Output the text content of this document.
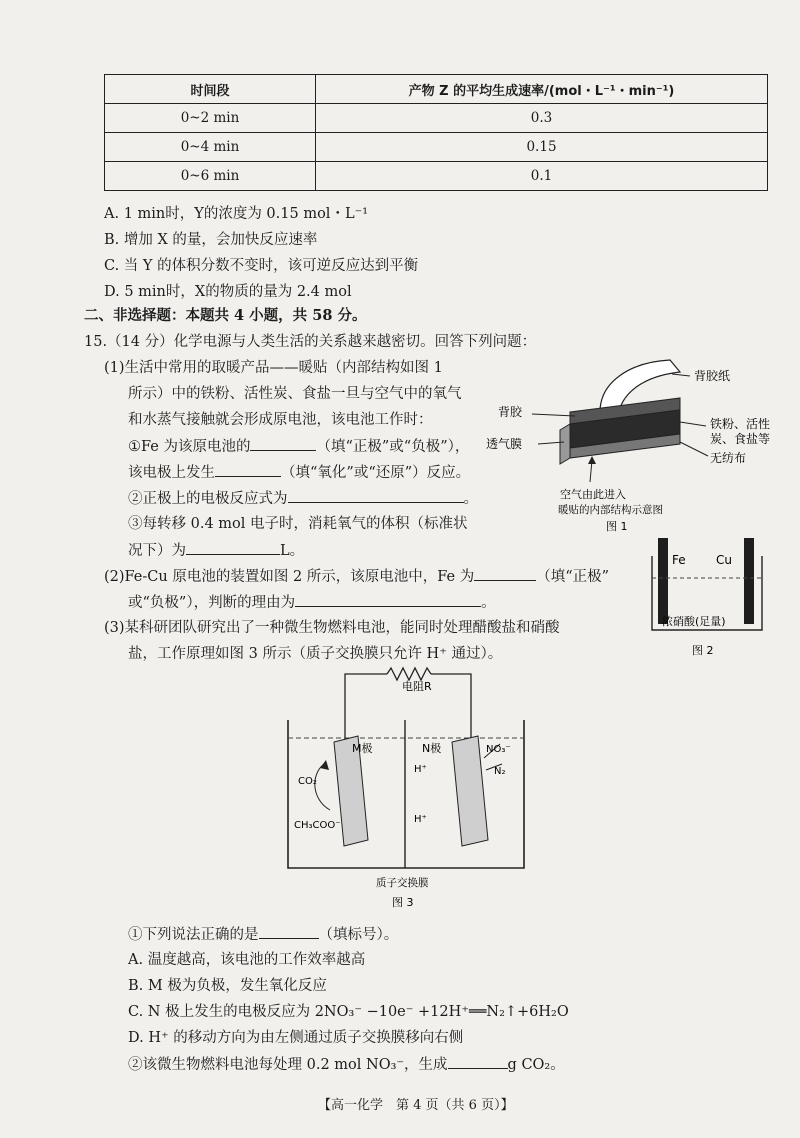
时间段	产物 Z 的平均生成速率/(mol・L⁻¹・min⁻¹)
0~2 min	0.3
0~4 min	0.15
0~6 min	0.1
A. 1 min时，Y的浓度为 0.15 mol・L⁻¹
B. 增加 X 的量，会加快反应速率
C. 当 Y 的体积分数不变时，该可逆反应达到平衡
D. 5 min时，X的物质的量为 2.4 mol
二、非选择题：本题共 4 小题，共 58 分。
15.（14 分）化学电源与人类生活的关系越来越密切。回答下列问题：
(1)生活中常用的取暖产品——暖贴（内部结构如图 1
所示）中的铁粉、活性炭、食盐一旦与空气中的氧气
和水蒸气接触就会形成原电池，该电池工作时：
①Fe 为该原电池的	（填“正极”或“负极”），
该电极上发生	（填“氧化”或“还原”）反应。
②正极上的电极反应式为	。
③每转移 0.4 mol 电子时，消耗氧气的体积（标准状
况下）为	L。
(2)Fe-Cu 原电池的装置如图 2 所示，该原电池中，Fe 为	（填“正极”
或“负极”），判断的理由为	。
(3)某科研团队研究出了一种微生物燃料电池，能同时处理醋酸盐和硝酸
盐，工作原理如图 3 所示（质子交换膜只允许 H⁺ 通过）。
背胶纸
背胶
透气膜
铁粉、活性
炭、食盐等
无纺布
空气由此进入
暖贴的内部结构示意图
图 1
Fe	Cu
浓硝酸(足量)
图 2
电阻R
M极	N极	NO₃⁻
N₂
CO₂
CH₃COO⁻
H⁺
H⁺
质子交换膜
图 3
①下列说法正确的是	（填标号）。
A. 温度越高，该电池的工作效率越高
B. M 极为负极，发生氧化反应
C. N 极上发生的电极反应为 2NO₃⁻ −10e⁻ +12H⁺══N₂↑+6H₂O
D. H⁺ 的移动方向为由左侧通过质子交换膜移向右侧
②该微生物燃料电池每处理 0.2 mol NO₃⁻，生成	g CO₂。
【高一化学　第 4 页（共 6 页）】
